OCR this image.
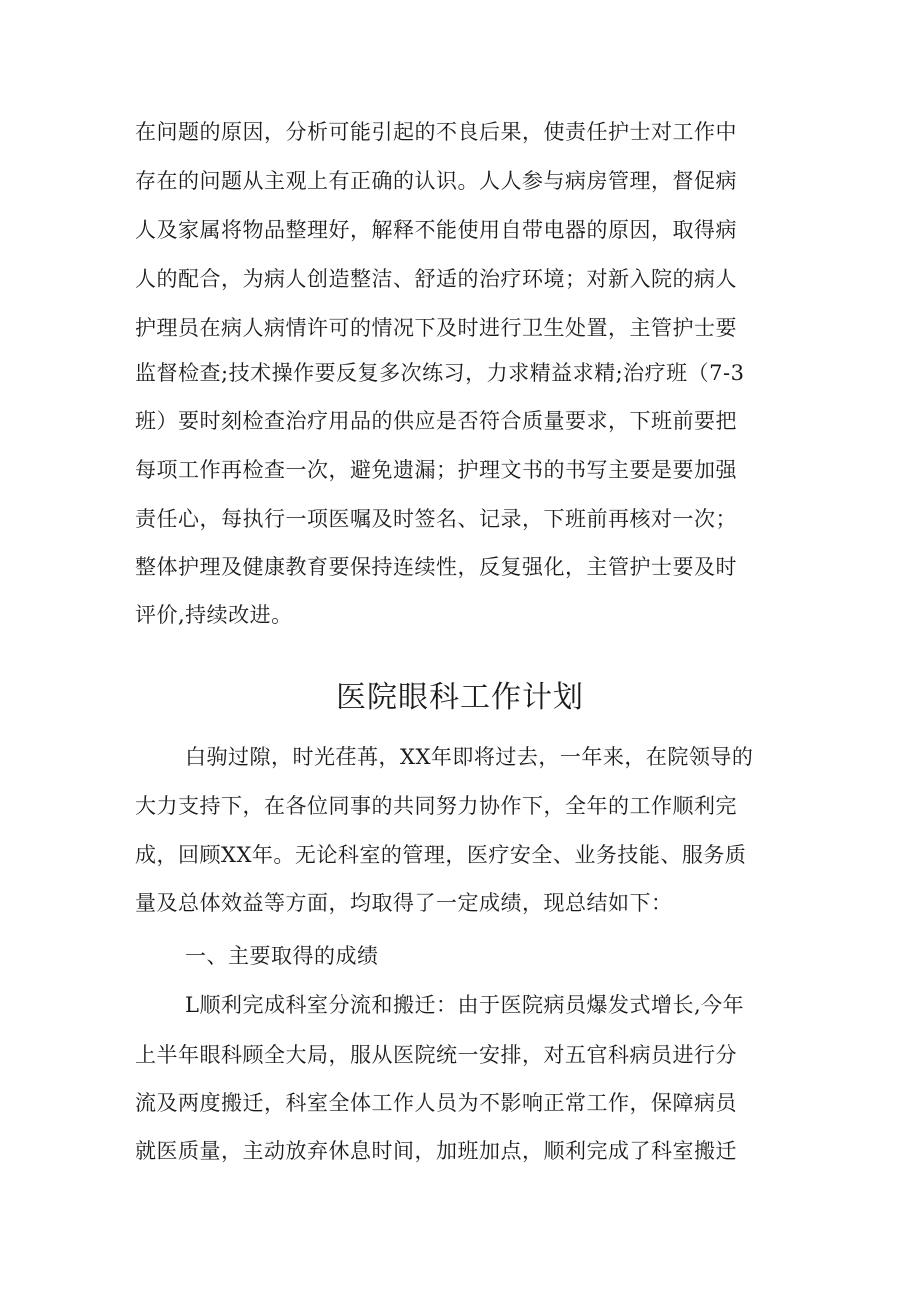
在问题的原因，分析可能引起的不良后果，使责任护士对工作中
存在的问题从主观上有正确的认识。人人参与病房管理，督促病
人及家属将物品整理好，解释不能使用自带电器的原因，取得病
人的配合，为病人创造整洁、舒适的治疗环境；对新入院的病人
护理员在病人病情许可的情况下及时进行卫生处置，主管护士要
监督检查;技术操作要反复多次练习，力求精益求精;治疗班（7-3
班）要时刻检查治疗用品的供应是否符合质量要求，下班前要把
每项工作再检查一次，避免遗漏；护理文书的书写主要是要加强
责任心，每执行一项医嘱及时签名、记录，下班前再核对一次；
整体护理及健康教育要保持连续性，反复强化，主管护士要及时
评价,持续改进。
医院眼科工作计划
白驹过隙，时光荏苒，XX年即将过去，一年来，在院领导的
大力支持下，在各位同事的共同努力协作下，全年的工作顺利完
成，回顾XX年。无论科室的管理，医疗安全、业务技能、服务质
量及总体效益等方面，均取得了一定成绩，现总结如下：
一、主要取得的成绩
L顺利完成科室分流和搬迁：由于医院病员爆发式增长,今年
上半年眼科顾全大局，服从医院统一安排，对五官科病员进行分
流及两度搬迁，科室全体工作人员为不影响正常工作，保障病员
就医质量，主动放弃休息时间，加班加点，顺利完成了科室搬迁
